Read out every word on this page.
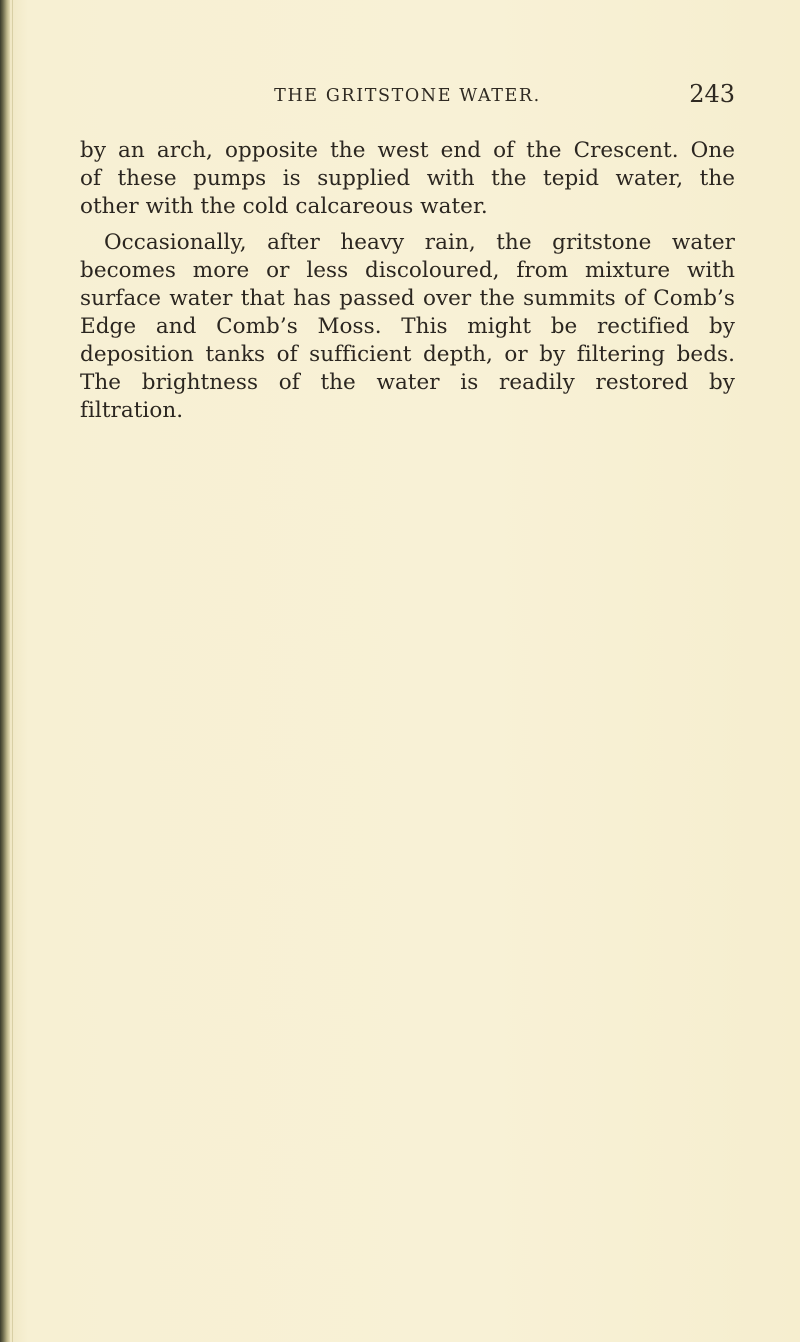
THE GRITSTONE WATER.	243
by an arch, opposite the west end of the Crescent. One
of these pumps is supplied with the tepid water, the
other with the cold calcareous water.
Occasionally, after heavy rain, the gritstone water
becomes more or less discoloured, from mixture with
surface water that has passed over the summits of Comb’s
Edge and Comb’s Moss. This might be rectified by
deposition tanks of sufficient depth, or by filtering beds.
The brightness of the water is readily restored by
filtration.
